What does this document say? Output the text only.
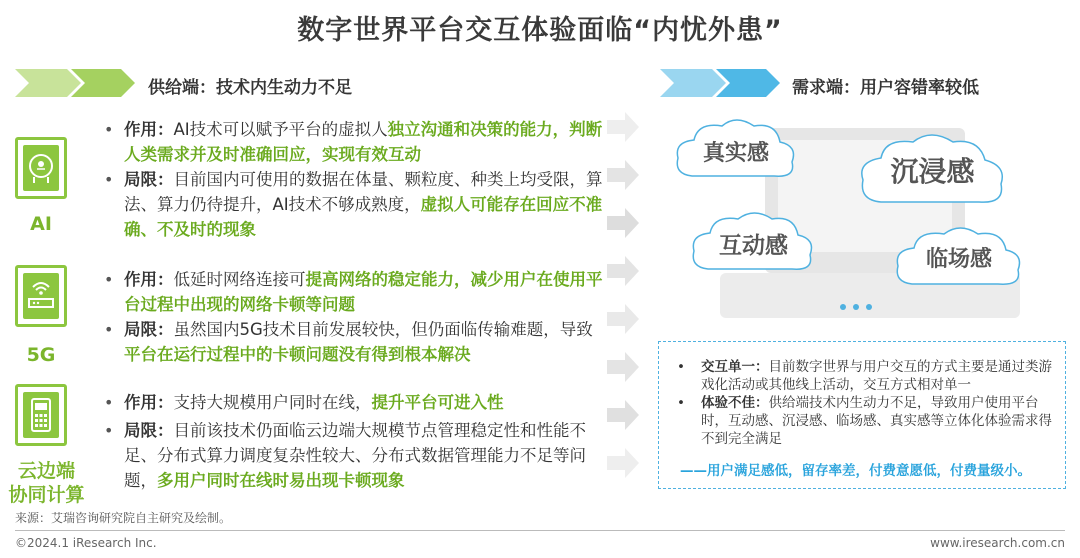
数字世界平台交互体验面临“内忧外患”
供给端：技术内生动力不足	需求端：用户容错率较低
AI
5G
云边端
协同计算
• 作用：AI技术可以赋予平台的虚拟人独立沟通和决策的能力，判断人类需求并及时准确回应，实现有效互动
• 局限：目前国内可使用的数据在体量、颗粒度、种类上均受限，算法、算力仍待提升，AI技术不够成熟度，虚拟人可能存在回应不准确、不及时的现象
• 作用：低延时网络连接可提高网络的稳定能力，减少用户在使用平台过程中出现的网络卡顿等问题
• 局限：虽然国内5G技术目前发展较快，但仍面临传输难题，导致平台在运行过程中的卡顿问题没有得到根本解决
• 作用：支持大规模用户同时在线，提升平台可进入性
• 局限：目前该技术仍面临云边端大规模节点管理稳定性和性能不足、分布式算力调度复杂性较大、分布式数据管理能力不足等问题，多用户同时在线时易出现卡顿现象
真实感
沉浸感
互动感
临场感

• 交互单一：目前数字世界与用户交互的方式主要是通过类游戏化活动或其他线上活动，交互方式相对单一

• 体验不佳：供给端技术内生动力不足，导致用户使用平台时，互动感、沉浸感、临场感、真实感等立体化体验需求得不到完全满足

——用户满足感低，留存率差，付费意愿低，付费量级小。
来源：艾瑞咨询研究院自主研究及绘制。
©2024.1 iResearch Inc.	www.iresearch.com.cn
